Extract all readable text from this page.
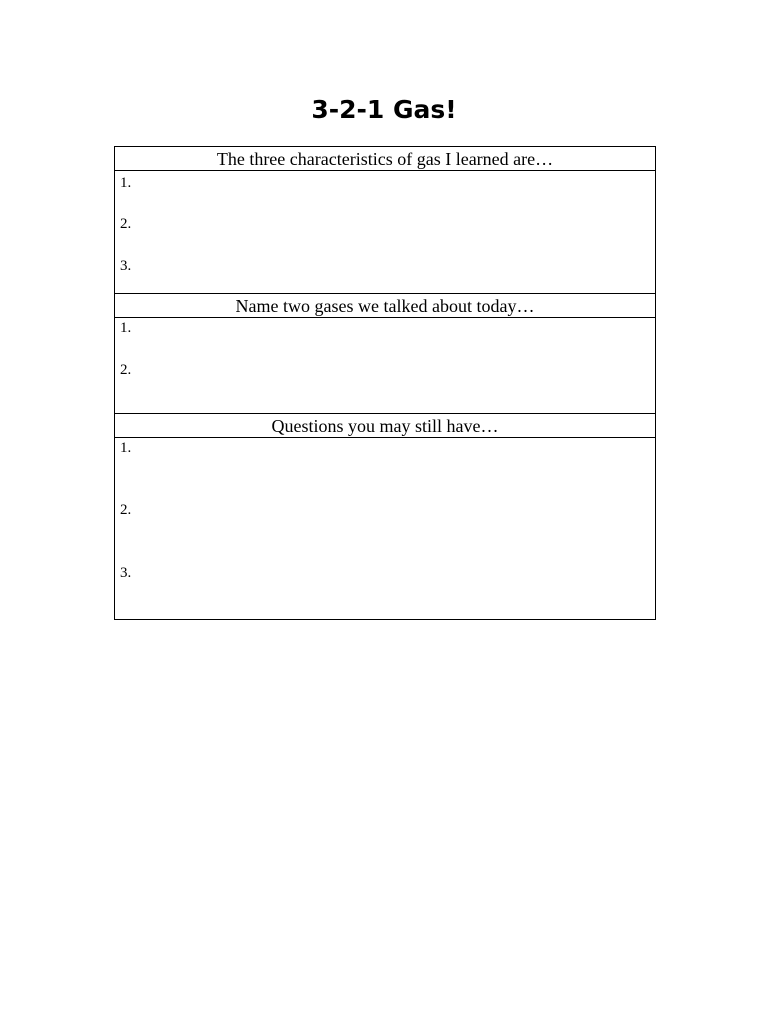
3-2-1 Gas!
The three characteristics of gas I learned are…
1.
2.
3.
Name two gases we talked about today…
1.
2.
Questions you may still have…
1.
2.
3.
